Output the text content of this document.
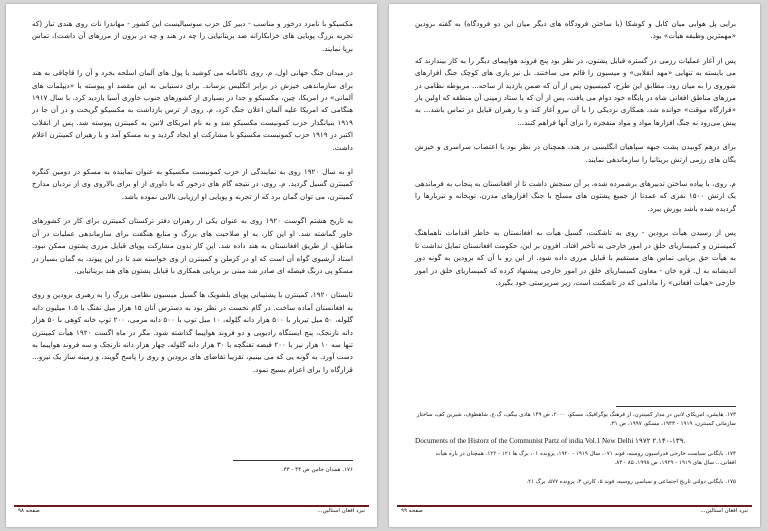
مکسیکو با نامزد درخور و مناسب - دبیر کل حزب سوسیالیست این کشور - مهاندرا نات روی هندی تبار (که تجربه بزرگ پویایی های خرابکارانه ضد بریتانیایی را چه در هند و چه در برون از مرزهای آن داشت)، تماس برپا نمایند.

در میدان جنگ جهانی اول، م. روی ناکامانه می کوشید با پول های آلمان اسلحه بخرد و آن را قاچاقی به هند برای سازماندهی خیزش در برابر انگلیس برساند. برای دستیابی به این مقصد او پیوسته با «دیپلمات های آلمانی» در امریکا، چین، مکسیکو و جدا در بسیاری از کشورهای جنوب خاوری آسیا بازدید کرد. با سال ۱۹۱۷ هنگامی که امریکا علیه آلمان اعلان جنگ کرد، م. روی از ترس بازداشت به مکسیکو گریخت و در آن جا در ۱۹۱۹ بنیانگذار حزب کمونیست مکسیکو شد و به نام امریکای لاتین به کمینترن پیوسته شد. پس از انقلاب اکتبر در ۱۹۱۹ حزب کمونیست مکسیکو با مشارکت او ایجاد گردید و به مسکو آمد و با رهبران کمینترن اعلام داشت.

او به سال ۱۹۲۰ روی به نمایندگی از حزب کمونیست مکسیکو به عنوان نماینده به مسکو در دومین کنگره کمینترن گسیل گردید. م. روی، در نتیجه گام های درخور که با داوری از او برای بالاروی وی از نردبان مدارج کمینترن، می توان گمان برد که از تجربه و پویایی او ارزیابی بالایی نموده باشد.

به تاریخ هشتم اگوست ۱۹۲۰ روی به عنوان یکی از رهبران دفتر ترکستان کمینترن برای کار در کشورهای خاور گماشته شد. او این کار، به او صلاحیت های بزرگ و منابع هنگفت برای سازماندهی عملیات در آن مناطق، از طریق افغانستان به هند داده شد. این کار بدون مشارکت پویای قبایل مرزی پشتون ممکن نبود. استاد آرشیوی گواه آن است که او در کرملن و کمینترن از وی خواسته شد تا در این پیوند، به گمان بسیار در مسکو پی درنگ فیصله ای صادر شد مبنی بر برپایی همکاری با قبایل پشتون های هند بریتانیایی.

تابستان ۱۹۲۰، کمینترن با پشتیبانی پویای بلشویک ها گسیل میسیون نظامی بزرگ را به رهبری برودین و روی به افغانستان آماده ساخت. در گام نخست در نظر بود به دسترس آنان ۱۵ هزار میل تفنگ با ۱.۵ میلیون دانه گلوله، ۵۰ میل تیربار با ۵۰۰ هزار دانه گلوله، ۱۰ میل توپ با ۵۰۰ دانه مرمی، ۲۰۰ توپ خانه کوهی با ۵۰ هزار دانه نارنجک، پنج ایستگاه رادیویی و دو فروند هواپیما گذاشته شود. مگر در ماه اگست ۱۹۲۰ هیأت کمینترن تنها سه ۱۰ هزار نیز با ۲۰۰ قبضه تفنگچه با ۳۰ هزار دانه گلوله، چهار هزار دانه نارنجک و سه فروند هواپیما به دست آورد. به گونه یی که می بینیم، تقریبا تقاضای های برودین و روی را پاسخ گویند، و زمینه ساز یک نیرو... قرارگاه را برای اعزام بسیج نمود.

۱۷۶. همدان جامن ص ۴۴ - ۴۳.
صفحه ۹۸	نبرد افغان استالین...

برایی پل هوایی میان کابل و کوشکا (با ساختن فرودگاه های دیگر میان این دو فرودگاه) به گفته برودین «مهمترین وظیفه هیأت» بود.

پس از آغاز عملیات رزمی در گستره قبایل پشتون، در نظر بود پنج فروند هواپیمای دیگر را به کار بیندازند که می بایسته به تنهایی «مهد انقلابی» و میسیون را قائم می ساختند. بل نیز یاری های کوچک جنگ افزارهای شوروی را به میان رود. مطابق این طرح، کمیسیون پس از آن که ضمن بازدید از ساحه... مربوطه نظامی در مرزهای مناطق افغانی شاه در پایگاه خود دوام می یافت، پس از آن که با ستاد زمینی آن منطقه که اولین بار «قرارگاه موقت» خوانده شد، همکاری نزدیکی را با آن نیرو آغاز کند و با رهبران قبایل در تماس باشد... به پیش می‌رود نه جنگ افزارها مواد و مواد منفجره را برای آنها فراهم کنند...

برای درهم کوبیدن پشت جبهه سپاهیان انگلیسی در هند، همچنان در نظر بود با اعتصاب سراسری و خیزش یگان های رزمی ارتش بریتانیا را سازماندهی نمایند.

م. روی، با پیاده ساختن تدبیرهای برشمرده شده، بر آن سنجش داشت تا از افغانستان به پنجاب به فرماندهی یک ارتش ۱۵۰۰ نفری که عمدتا از جمیع پشتون های مسلح با جنگ افزارهای مدرن، توپخانه و تیربارها را گردیده شده باشد یورش ببرد.

پس از رسیدن هیأت برودین - روی به تاشکنت، گسیل هیأت به افغانستان به خاطر اقدامات ناهماهنگ کمیسترن و کمیساریای خلق در امور خارجی به تأخیر افتاد. افزون بر این، حکومت افغانستان تمایل نداشت تا به هیأت حق برپایی تماس های مستقیم با قبایل مرزی داده شود. از این رو با آن که برودین به گونه دور اندیشانه به ل. قره خان - معاون کمیساریای خلق در امور خارجی پیشنهاد کرده که کمیساریای خلق در امور خارجی «هیأت افغانی» را مادامی که در تاشکنت است، زیر سرپرستی خود بگیرد.

۱۷۳. هایشن، امریکای لاتین در مدار کمینترن، از فرهنگ یوگرافیک، مسکو، ۲۰۰۰، ص ۱۴۹ هادی بیگف، گ.ع. شاهطوف، شیرین کف، ساختار سازمانی کمینترن، ۱۹۱۹ - ۱۹۴۳، مسکو، ۱۹۹۷، ص ۳۱.
Documents of the Historz of the Communist Partz of india Vol.1 New Delhi ۱۹۷۲ ۲.۱۴۰-۱۳۹.
۱۷۴. بایگانی سیاست خارجی فدراسیون روسیه، فوند ۰۷۱، سال ۱۹۱۹ - ۱۹۲۰، پرونده ۰۱، برگ ها ۱۲۱ - ۱۲۲. همچنان در باره هیأت افغانی... سال های ۱۹۱۹ - ۱۹۲۹، ص ۱۹۹۸، ۸۵ - ۸۳.
۱۷۵. بایگانی دولتی تاریخ اجتماعی و سیاسی روسیه، فوند ۵، کارتن ۳، پرونده ۵۷۷، برگ ۲۱.
صفحه ۹۹	نبرد افغان استالین...
